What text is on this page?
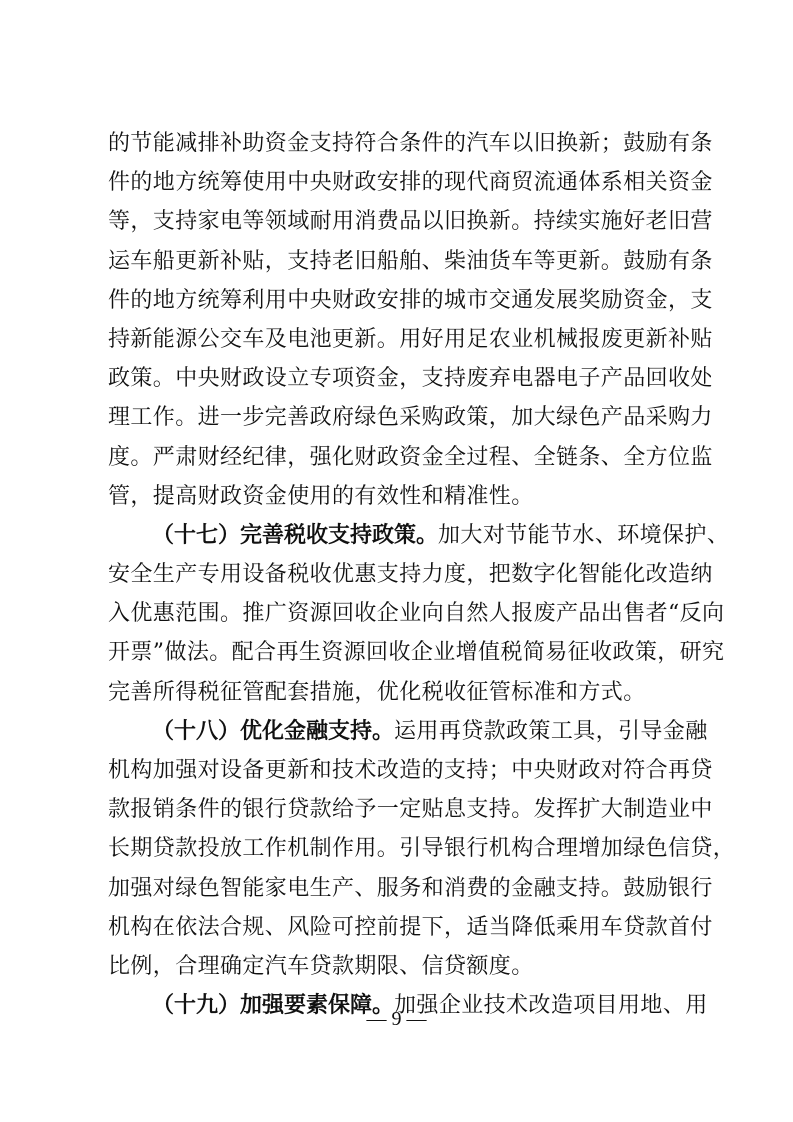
的节能减排补助资金支持符合条件的汽车以旧换新；鼓励有条
件的地方统筹使用中央财政安排的现代商贸流通体系相关资金
等，支持家电等领域耐用消费品以旧换新。持续实施好老旧营
运车船更新补贴，支持老旧船舶、柴油货车等更新。鼓励有条
件的地方统筹利用中央财政安排的城市交通发展奖励资金，支
持新能源公交车及电池更新。用好用足农业机械报废更新补贴
政策。中央财政设立专项资金，支持废弃电器电子产品回收处
理工作。进一步完善政府绿色采购政策，加大绿色产品采购力
度。严肃财经纪律，强化财政资金全过程、全链条、全方位监
管，提高财政资金使用的有效性和精准性。
（十七）完善税收支持政策。加大对节能节水、环境保护、
安全生产专用设备税收优惠支持力度，把数字化智能化改造纳
入优惠范围。推广资源回收企业向自然人报废产品出售者“反向
开票”做法。配合再生资源回收企业增值税简易征收政策，研究
完善所得税征管配套措施，优化税收征管标准和方式。
（十八）优化金融支持。运用再贷款政策工具，引导金融
机构加强对设备更新和技术改造的支持；中央财政对符合再贷
款报销条件的银行贷款给予一定贴息支持。发挥扩大制造业中
长期贷款投放工作机制作用。引导银行机构合理增加绿色信贷，
加强对绿色智能家电生产、服务和消费的金融支持。鼓励银行
机构在依法合规、风险可控前提下，适当降低乘用车贷款首付
比例，合理确定汽车贷款期限、信贷额度。
（十九）加强要素保障。加强企业技术改造项目用地、用
— 9 —
